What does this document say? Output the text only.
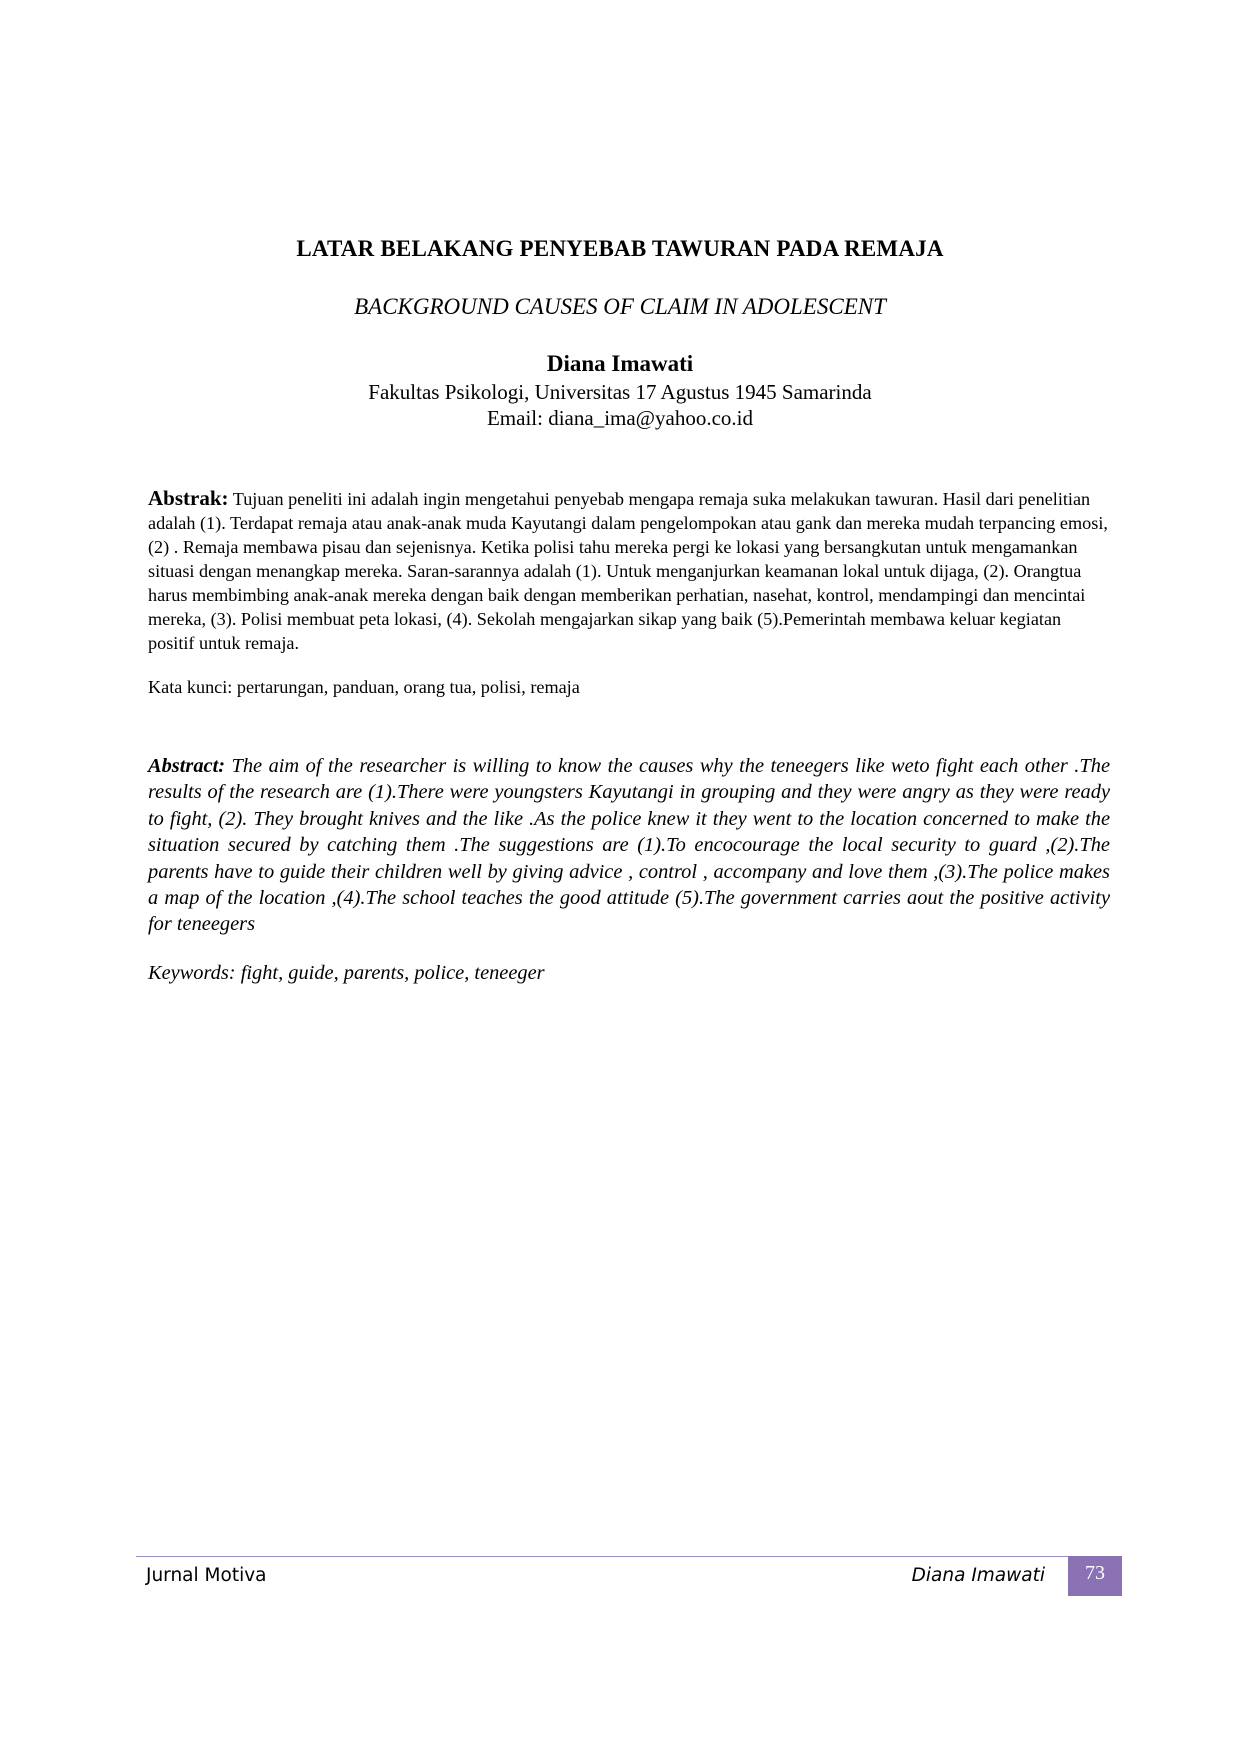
LATAR BELAKANG PENYEBAB TAWURAN PADA REMAJA
BACKGROUND CAUSES OF CLAIM IN ADOLESCENT
Diana Imawati
Fakultas Psikologi, Universitas 17 Agustus 1945 Samarinda
Email: diana_ima@yahoo.co.id
Abstrak: Tujuan peneliti ini adalah ingin mengetahui penyebab mengapa remaja suka melakukan tawuran. Hasil dari penelitian adalah (1). Terdapat remaja atau anak-anak muda Kayutangi dalam pengelompokan atau gank dan mereka mudah terpancing emosi, (2) . Remaja membawa pisau dan sejenisnya. Ketika polisi tahu mereka pergi ke lokasi yang bersangkutan untuk mengamankan situasi dengan menangkap mereka. Saran-sarannya adalah (1). Untuk menganjurkan keamanan lokal untuk dijaga, (2). Orangtua harus membimbing anak-anak mereka dengan baik dengan memberikan perhatian, nasehat, kontrol, mendampingi dan mencintai mereka, (3). Polisi membuat peta lokasi, (4). Sekolah mengajarkan sikap yang baik (5).Pemerintah membawa keluar kegiatan positif untuk remaja.
Kata kunci: pertarungan, panduan, orang tua, polisi, remaja
Abstract: The aim of the researcher is willing to know the causes why the teneegers like weto fight each other .The results of the research are (1).There were youngsters Kayutangi in grouping and they were angry as they were ready to fight, (2). They brought knives and the like .As the police knew it they went to the location concerned to make the situation secured by catching them .The suggestions are (1).To encocourage the local security to guard ,(2).The parents have to guide their children well by giving advice , control , accompany and love them ,(3).The police makes a map of the location ,(4).The school teaches the good attitude (5).The government carries aout the positive activity for teneegers
Keywords: fight, guide, parents, police, teneeger
Jurnal Motiva	Diana Imawati	73
